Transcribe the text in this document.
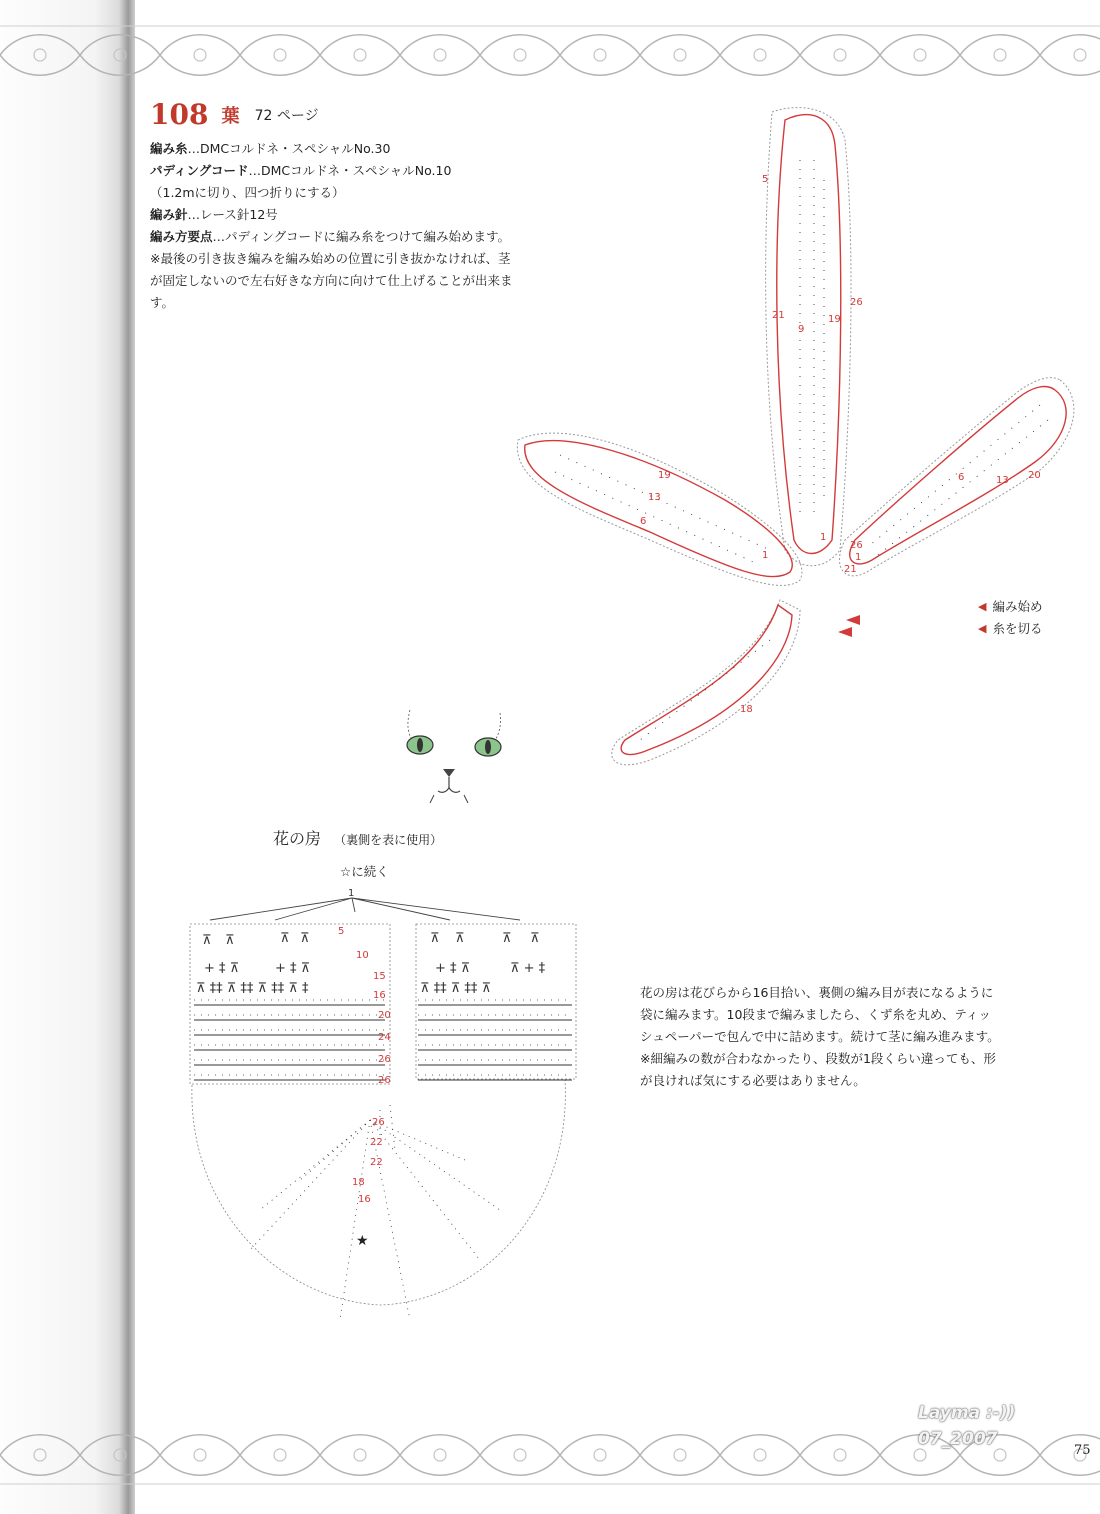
108 葉 72 ページ

編み糸…DMCコルドネ・スペシャルNo.30

パディングコード…DMCコルドネ・スペシャルNo.10

（1.2mに切り、四つ折りにする）

編み針…レース針12号

編み方要点…パディングコードに編み糸をつけて編み始めます。

※最後の引き抜き編みを編み始めの位置に引き抜かなければ、茎が固定しないので左右好きな方向に向けて仕上げることが出来ます。

5
26
21
9
19
1
19
13
6
1
26
21
1
6	13 20
18
◀ 編み始め
◀ 糸を切る
花の房 （裏側を表に使用）
☆に続く
⊼ ⊼	⊼ ⊼	⊼ ⊼	⊼ ⊼
+ ‡ ⊼	+ ‡ ⊼	+ ‡ ⊼	⊼ + ‡
⊼ ‡‡ ⊼ ‡‡ ⊼ ‡‡ ⊼ ‡	⊼ ‡‡ ⊼ ‡‡ ⊼
★
1
5
10
15
16
20
24
26
26
26
22
22
18
16

花の房は花びらから16目拾い、裏側の編み目が表になるように袋に編みます。10段まで編みましたら、くず糸を丸め、ティッシュペーパーで包んで中に詰めます。続けて茎に編み進みます。

※細編みの数が合わなかったり、段数が1段くらい違っても、形が良ければ気にする必要はありません。

Layma :-))
07_2007
75
